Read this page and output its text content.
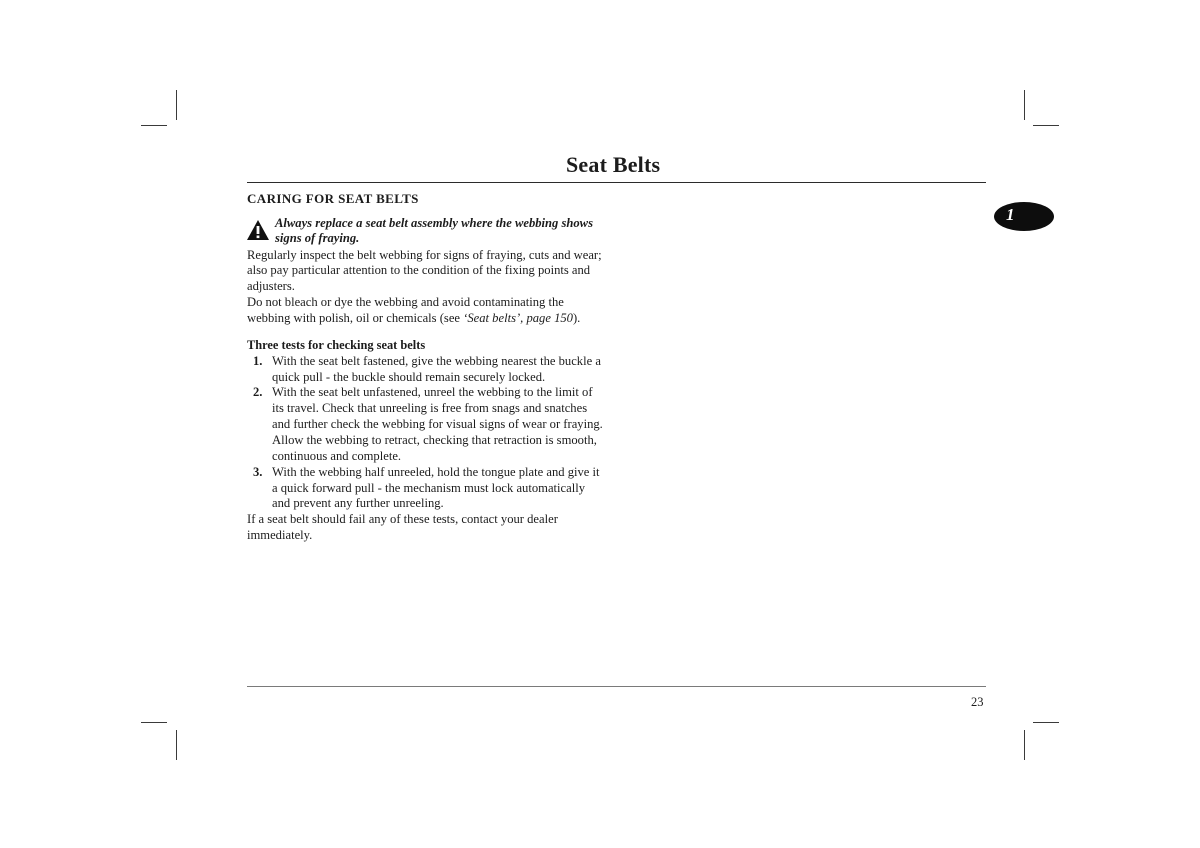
Seat Belts
1
CARING FOR SEAT BELTS
Always replace a seat belt assembly where the webbing shows signs of fraying.

Regularly inspect the belt webbing for signs of fraying, cuts and wear; also pay particular attention to the condition of the fixing points and adjusters.

Do not bleach or dye the webbing and avoid contaminating the webbing with polish, oil or chemicals (see ‘Seat belts’, page 150).

Three tests for checking seat belts
1. With the seat belt fastened, give the webbing nearest the buckle a quick pull - the buckle should remain securely locked.
2. With the seat belt unfastened, unreel the webbing to the limit of its travel. Check that unreeling is free from snags and snatches and further check the webbing for visual signs of wear or fraying.
Allow the webbing to retract, checking that retraction is smooth, continuous and complete.
3. With the webbing half unreeled, hold the tongue plate and give it a quick forward pull - the mechanism must lock automatically and prevent any further unreeling.

If a seat belt should fail any of these tests, contact your dealer immediately.

23
